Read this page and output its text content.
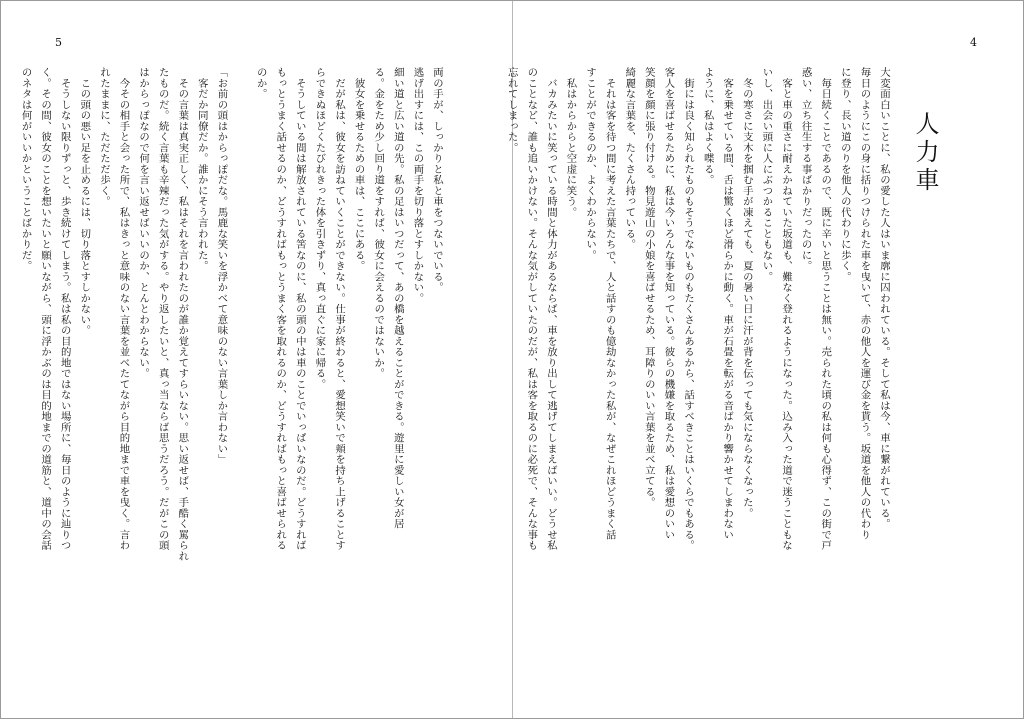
5
両の手が、しっかりと私と車をつないでいる。
逃げ出すには、この両手を切り落とすしかない。
細い道と広い道の先。私の足はいつだって、あの橋を越えることができる。遊里に愛しい女が居
る。金をため少し回り道をすれば、彼女に会えるのではないか。
　彼女を乗せるための車は、ここにある。
　だが私は、彼女を訪ねていくことができない。仕事が終わると、愛想笑いで頬を持ち上げることす
らできぬほどくたびれきった体を引きずり、真っ直ぐに家に帰る。
　そうしている間は解放されている筈なのに、私の頭の中は車のことでいっぱいなのだ。どうすれば
もっとうまく話せるのか、どうすればもっとうまく客を取れるのか、どうすればもっと喜ばせられる
のか。
「お前の頭はからっぽだな。馬鹿な笑いを浮かべて意味のない言葉しか言わない」
　客だか同僚だか。誰かにそう言われた。
　その言葉は真実正しく、私はそれを言われたのが誰か覚えてすらいない。思い返せば、手酷く罵られ
たものだ。続く言葉も辛辣だった気がする。やり返したいと、真っ当ならば思うだろう。だがこの頭
はからっぽなので何を言い返せばいいのか、とんとわからない。
　今その相手と会った所で、私はきっと意味のない言葉を並べたてながら目的地まで車を曳く。言わ
れたままに、ただただ歩く。
　この頭の悪い足を止めるには、切り落とすしかない。
　そうしない限りずっと、歩き続けてしまう。私は私の目的地ではない場所に、毎日のように辿りつ
く。その間、彼女のことを想いたいと願いながら、頭に浮かぶのは目的地までの道筋と、道中の会話
のネタは何がいいかということばかりだ。
4
人力車
大変面白いことに、私の愛した人はいま廓に囚われている。そして私は今、車に繋がれている。
毎日のようにこの身に括りつけられた車を曳いて、赤の他人を運び金を貰う。坂道を他人の代わり
に登り、長い道のりを他人の代わりに歩く。
　毎日続くことであるので、既に辛いと思うことは無い。売られた頃の私は何も心得ず、この街で戸
惑い、立ち往生する事ばかりだったのに。
　客と車の重さに耐えかねていた坂道も、難なく登れるようになった。込み入った道で迷うこともな
いし、出会い頭に人にぶつかることもない。
　冬の寒さに支木を掴む手が凍えても、夏の暑い日に汗が背を伝っても気にならなくなった。
　客を乗せている間、舌は驚くほど滑らかに動く。車が石畳を転がる音ばかり響かせてしまわない
ように、私はよく喋る。
　街には良く知られたものもそうでないものもたくさんあるから、話すべきことはいくらでもある。
客人を喜ばせるために、私は今いろんな事を知っている。彼らの機嫌を取るため、私は愛想のいい
笑顔を顔に張り付ける。物見遊山の小娘を喜ばせるため、耳障りのいい言葉を並べ立てる。
綺麗な言葉を、たくさん持っている。
　それは客を待つ間に考えた言葉たちで、人と話すのも億劫なかった私が、なぜこれほどうまく話
すことができるのか、よくわからない。
　私はからからと空虚に笑う。
　バカみたいに笑っている時間と体力があるならば、車を放り出して逃げてしまえばいい。どうせ私
のことなど、誰も追いかけない。そんな気がしていたのだが、私は客を取るのに必死で、そんな事も
忘れてしまった。
